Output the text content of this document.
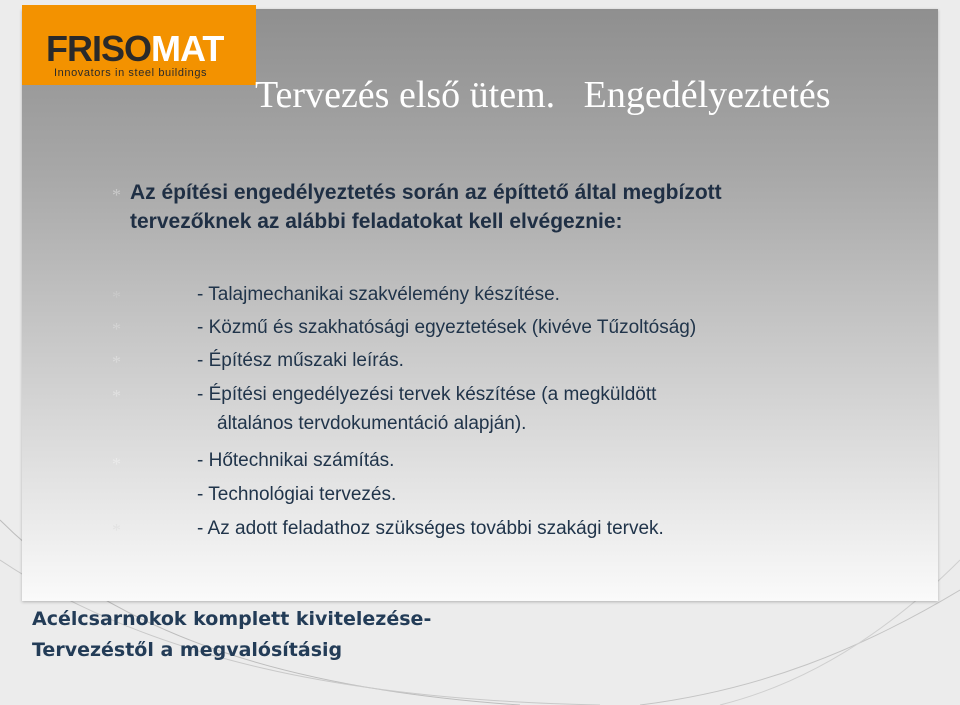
FRISOMAT
Innovators in steel buildings
Tervezés első ütem.   Engedélyeztetés
* Az építési engedélyeztetés során az építtető által megbízott tervezőknek az alábbi feladatokat kell elvégeznie:
*	- Talajmechanikai szakvélemény készítése.
*	- Közmű és szakhatósági egyeztetések (kivéve Tűzoltóság)
*	- Építész műszaki leírás.
*	- Építési engedélyezési tervek készítése (a megküldött
általános tervdokumentáció alapján).
*	- Hőtechnikai számítás.
*	- Technológiai tervezés.
*	- Az adott feladathoz szükséges további szakági tervek.
Acélcsarnokok komplett kivitelezése-
Tervezéstől a megvalósításig
